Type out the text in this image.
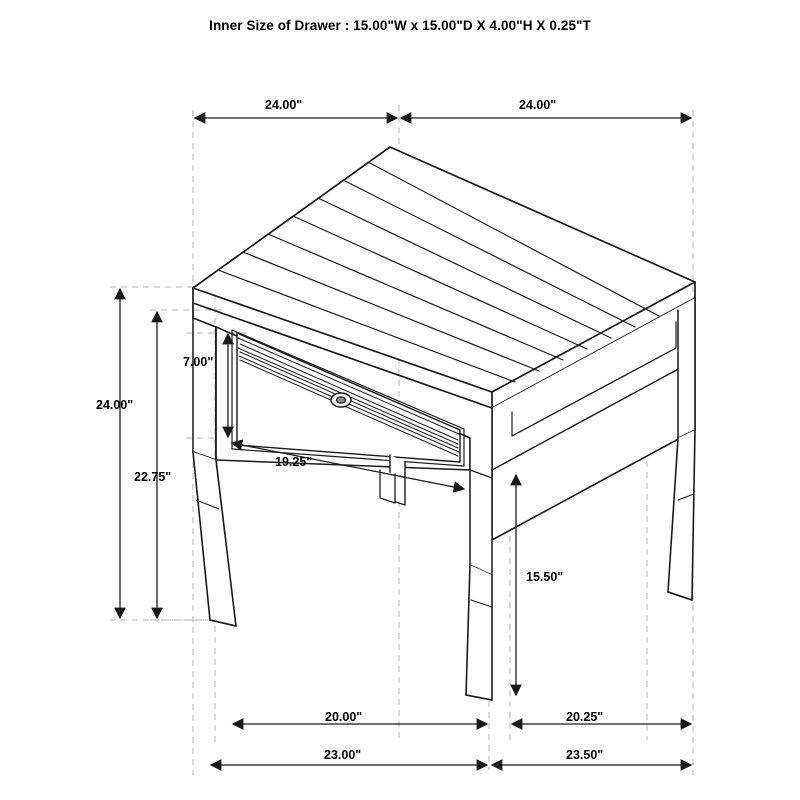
Inner Size of Drawer : 15.00"W x 15.00"D X 4.00"H X 0.25"T
24.00"	24.00"
24.00"
22.75"
7.00"
19.25"
15.50"
20.00"	20.25"
23.00"	23.50"
